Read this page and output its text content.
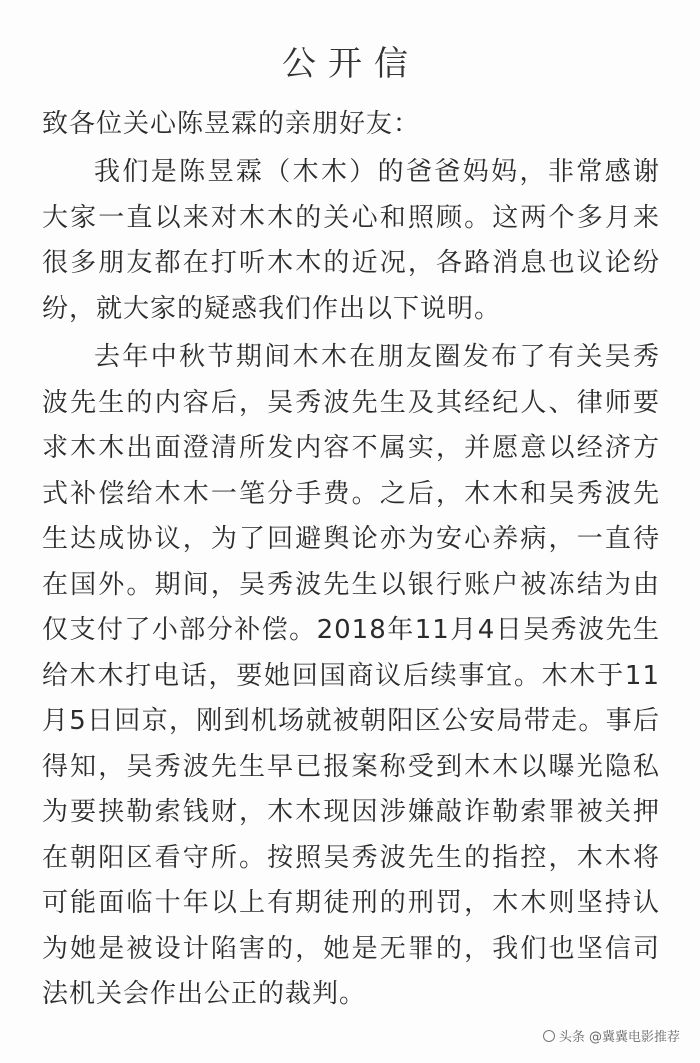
公开信
致各位关心陈昱霖的亲朋好友：

我们是陈昱霖（木木）的爸爸妈妈，非常感谢大家一直以来对木木的关心和照顾。这两个多月来很多朋友都在打听木木的近况，各路消息也议论纷纷，就大家的疑惑我们作出以下说明。

去年中秋节期间木木在朋友圈发布了有关吴秀波先生的内容后，吴秀波先生及其经纪人、律师要求木木出面澄清所发内容不属实，并愿意以经济方式补偿给木木一笔分手费。之后，木木和吴秀波先生达成协议，为了回避舆论亦为安心养病，一直待在国外。期间，吴秀波先生以银行账户被冻结为由仅支付了小部分补偿。2018年11月4日吴秀波先生给木木打电话，要她回国商议后续事宜。木木于11月5日回京，刚到机场就被朝阳区公安局带走。事后得知，吴秀波先生早已报案称受到木木以曝光隐私为要挟勒索钱财，木木现因涉嫌敲诈勒索罪被关押在朝阳区看守所。按照吴秀波先生的指控，木木将可能面临十年以上有期徒刑的刑罚，木木则坚持认为她是被设计陷害的，她是无罪的，我们也坚信司法机关会作出公正的裁判。

头条 @冀冀电影推荐
